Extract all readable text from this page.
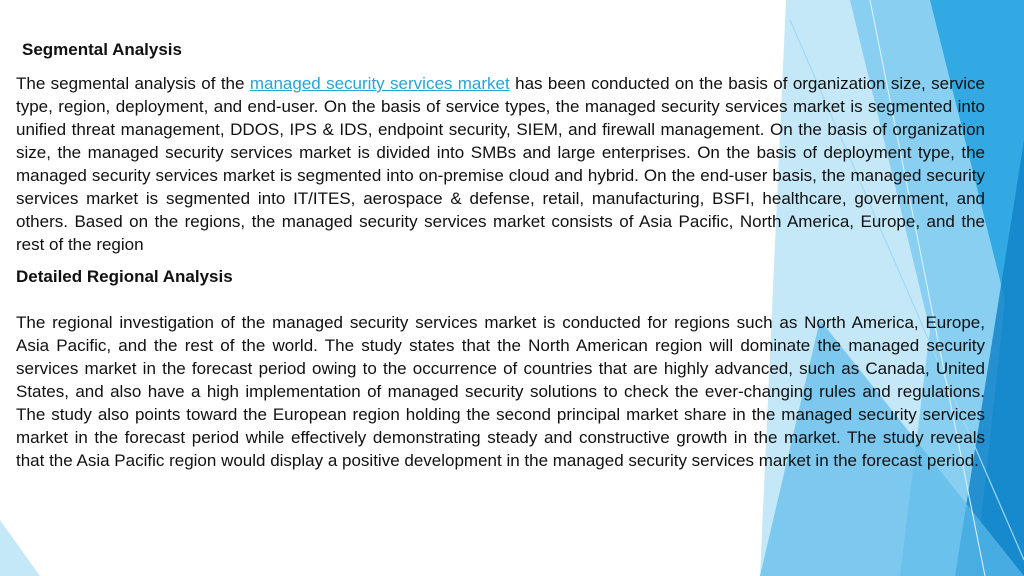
Segmental Analysis

The segmental analysis of the managed security services market has been conducted on the basis of organization size, service type, region, deployment, and end-user. On the basis of service types, the managed security services market is segmented into unified threat management, DDOS, IPS & IDS, endpoint security, SIEM, and firewall management. On the basis of organization size, the managed security services market is divided into SMBs and large enterprises. On the basis of deployment type, the managed security services market is segmented into on-premise cloud and hybrid. On the end-user basis, the managed security services market is segmented into IT/ITES, aerospace & defense, retail, manufacturing, BSFI, healthcare, government, and others. Based on the regions, the managed security services market consists of Asia Pacific, North America, Europe, and the rest of the region

Detailed Regional Analysis

The regional investigation of the managed security services market is conducted for regions such as North America, Europe, Asia Pacific, and the rest of the world. The study states that the North American region will dominate the managed security services market in the forecast period owing to the occurrence of countries that are highly advanced, such as Canada, United States, and also have a high implementation of managed security solutions to check the ever-changing rules and regulations. The study also points toward the European region holding the second principal market share in the managed security services market in the forecast period while effectively demonstrating steady and constructive growth in the market. The study reveals that the Asia Pacific region would display a positive development in the managed security services market in the forecast period.
